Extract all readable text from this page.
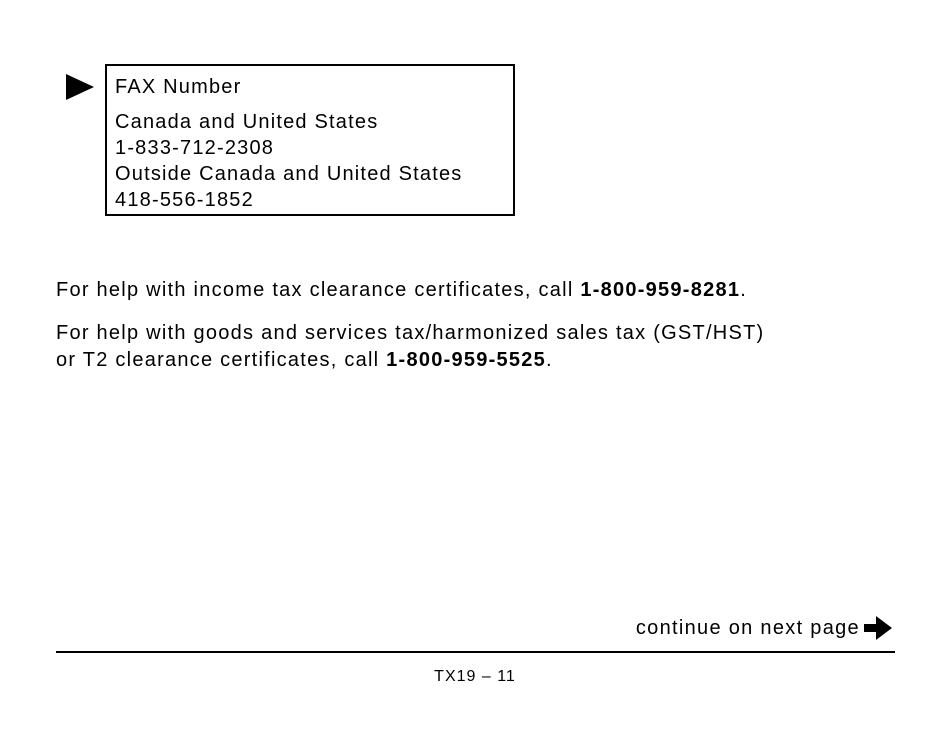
FAX Number
Canada and United States
1-833-712-2308
Outside Canada and United States
418-556-1852
For help with income tax clearance certificates, call 1-800-959-8281.
For help with goods and services tax/harmonized sales tax (GST/HST)
or T2 clearance certificates, call 1-800-959-5525.
continue on next page
TX19 – 11
